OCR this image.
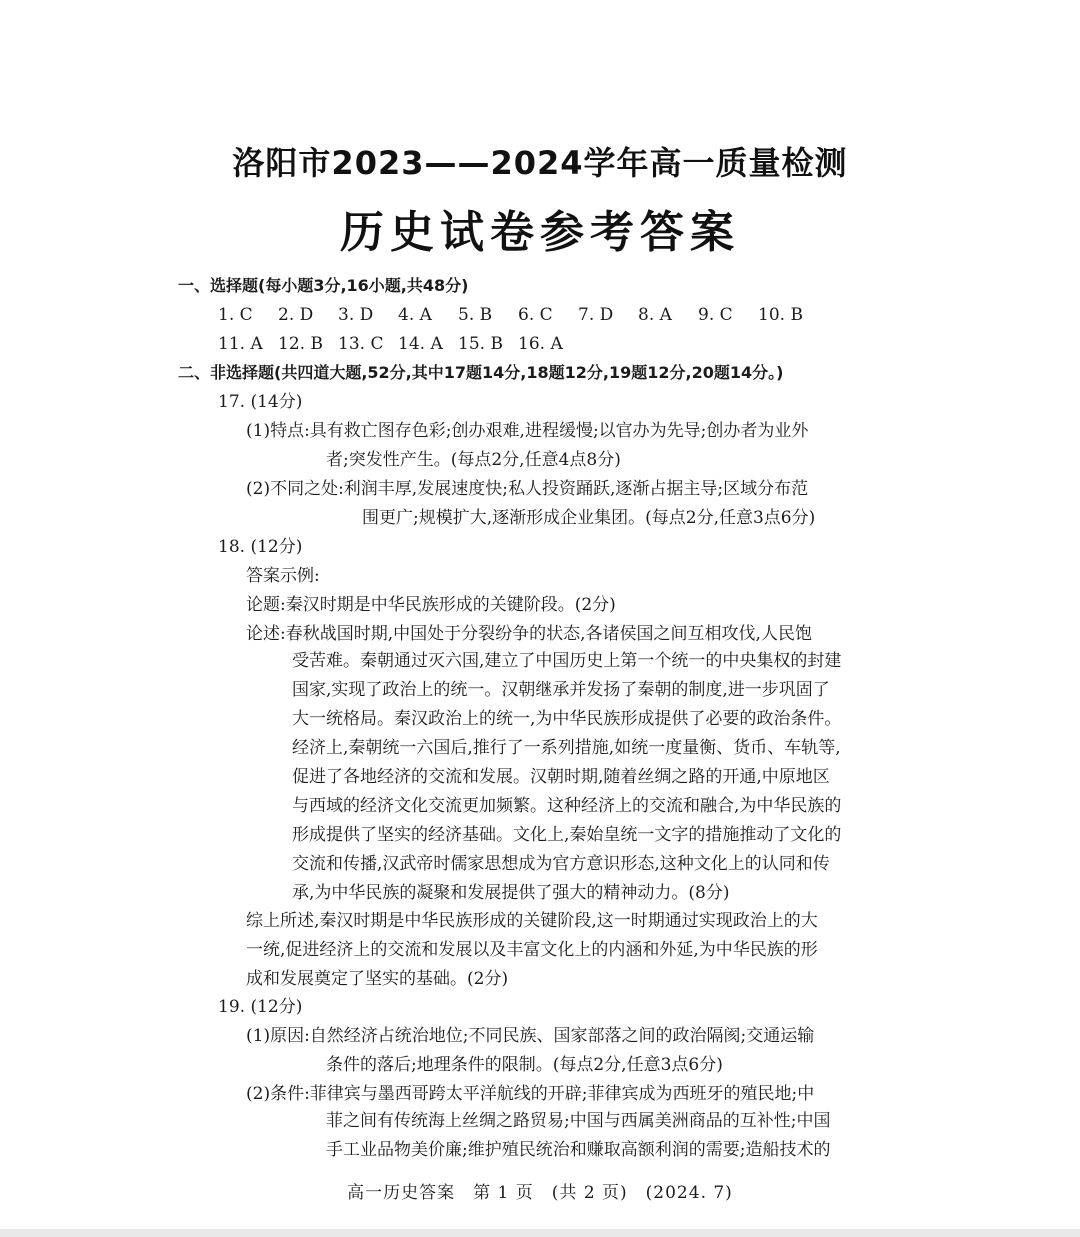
洛阳市2023——2024学年高一质量检测
历史试卷参考答案
一、选择题(每小题3分,16小题,共48分)
1. C 2. D 3. D 4. A 5. B 6. C 7. D 8. A 9. C 10. B
11. A 12. B 13. C 14. A 15. B 16. A
二、非选择题(共四道大题,52分,其中17题14分,18题12分,19题12分,20题14分。)
17. (14分)
(1)特点:具有救亡图存色彩;创办艰难,进程缓慢;以官办为先导;创办者为业外
者;突发性产生。(每点2分,任意4点8分)
(2)不同之处:利润丰厚,发展速度快;私人投资踊跃,逐渐占据主导;区域分布范
围更广;规模扩大,逐渐形成企业集团。(每点2分,任意3点6分)
18. (12分)
答案示例:
论题:秦汉时期是中华民族形成的关键阶段。(2分)
论述:春秋战国时期,中国处于分裂纷争的状态,各诸侯国之间互相攻伐,人民饱
受苦难。秦朝通过灭六国,建立了中国历史上第一个统一的中央集权的封建
国家,实现了政治上的统一。汉朝继承并发扬了秦朝的制度,进一步巩固了
大一统格局。秦汉政治上的统一,为中华民族形成提供了必要的政治条件。
经济上,秦朝统一六国后,推行了一系列措施,如统一度量衡、货币、车轨等,
促进了各地经济的交流和发展。汉朝时期,随着丝绸之路的开通,中原地区
与西域的经济文化交流更加频繁。这种经济上的交流和融合,为中华民族的
形成提供了坚实的经济基础。文化上,秦始皇统一文字的措施推动了文化的
交流和传播,汉武帝时儒家思想成为官方意识形态,这种文化上的认同和传
承,为中华民族的凝聚和发展提供了强大的精神动力。(8分)
综上所述,秦汉时期是中华民族形成的关键阶段,这一时期通过实现政治上的大
一统,促进经济上的交流和发展以及丰富文化上的内涵和外延,为中华民族的形
成和发展奠定了坚实的基础。(2分)
19. (12分)
(1)原因:自然经济占统治地位;不同民族、国家部落之间的政治隔阂;交通运输
条件的落后;地理条件的限制。(每点2分,任意3点6分)
(2)条件:菲律宾与墨西哥跨太平洋航线的开辟;菲律宾成为西班牙的殖民地;中
菲之间有传统海上丝绸之路贸易;中国与西属美洲商品的互补性;中国
手工业品物美价廉;维护殖民统治和赚取高额利润的需要;造船技术的
高一历史答案　第 1 页　(共 2 页)　(2024. 7)
